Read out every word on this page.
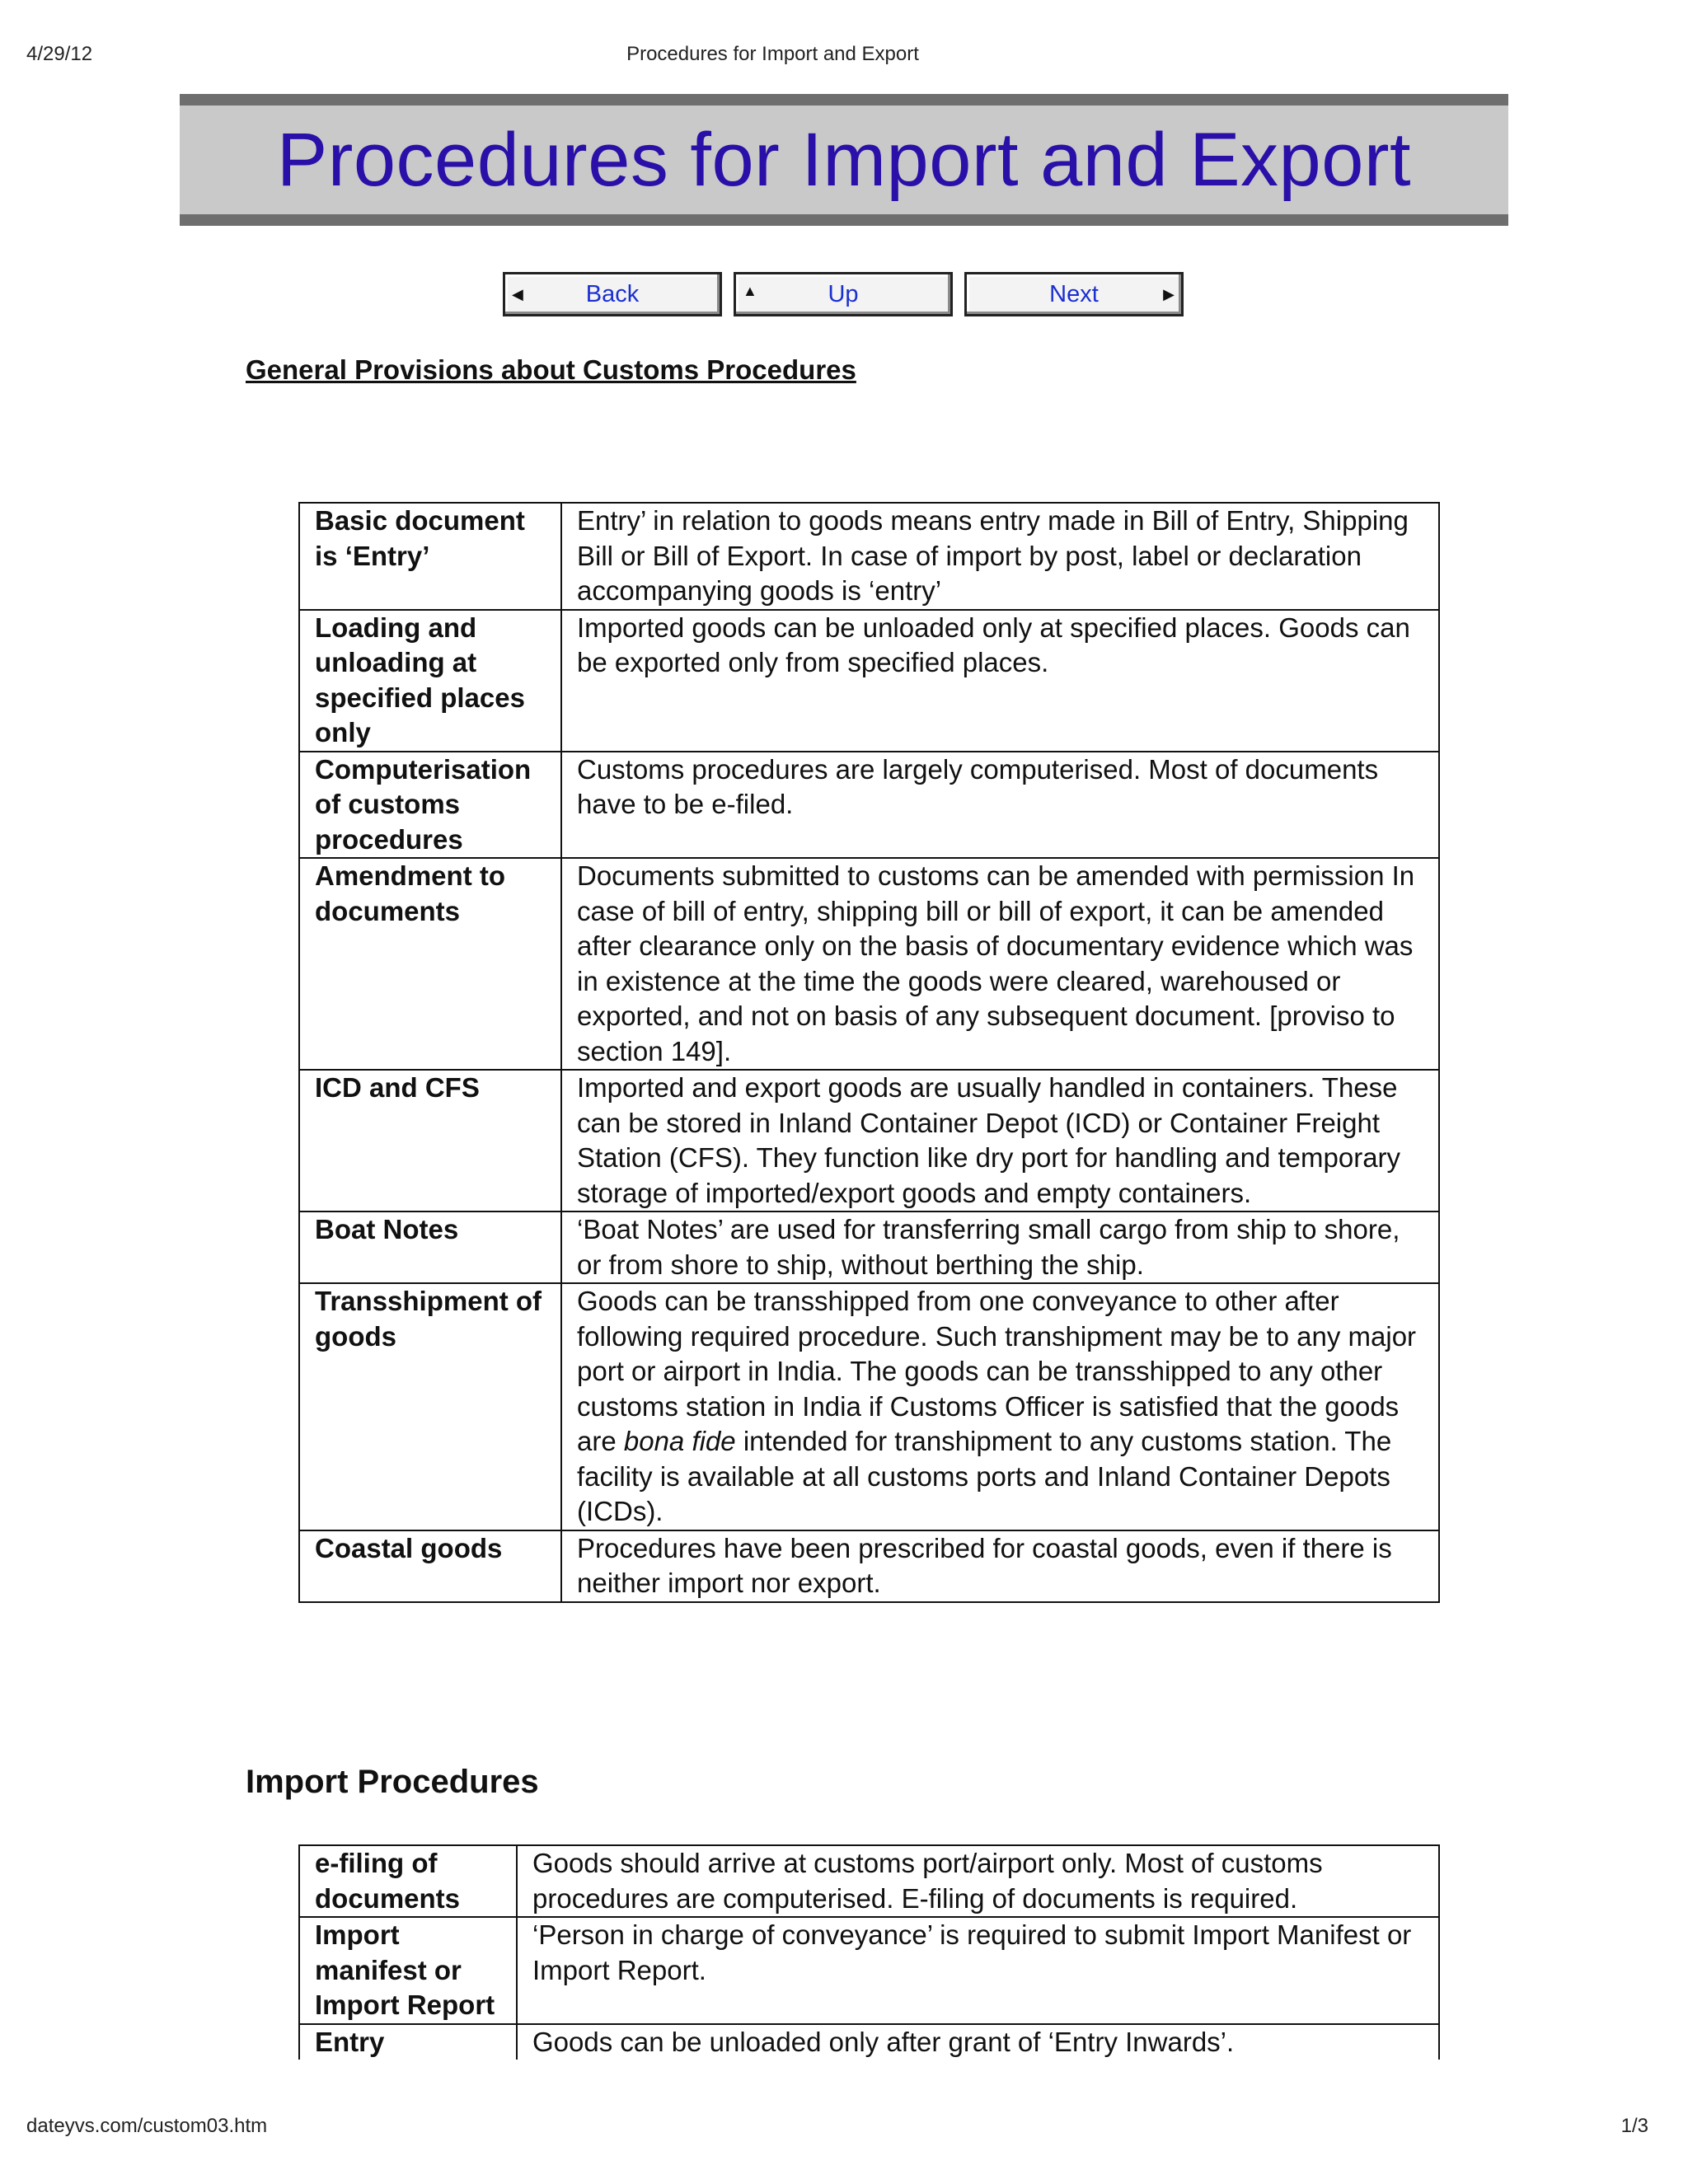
4/29/12	Procedures for Import and Export
Procedures for Import and Export
◀	Back	▲	Up	Next	▶
General Provisions about Customs Procedures
Basic document is ‘Entry’	Entry’ in relation to goods means entry made in Bill of Entry, Shipping Bill or Bill of Export. In case of import by post, label or declaration accompanying goods is ‘entry’
Loading and unloading at specified places only	Imported goods can be unloaded only at specified places. Goods can be exported only from specified places.
Computerisation of customs procedures	Customs procedures are largely computerised. Most of documents have to be e-filed.
Amendment to documents	Documents submitted to customs can be amended with permission In case of bill of entry, shipping bill or bill of export, it can be amended after clearance only on the basis of documentary evidence which was in existence at the time the goods were cleared, warehoused or exported, and not on basis of any subsequent document. [proviso to section 149].
ICD and CFS	Imported and export goods are usually handled in containers. These can be stored in Inland Container Depot (ICD) or Container Freight Station (CFS). They function like dry port for handling and temporary storage of imported/export goods and empty containers.
Boat Notes	‘Boat Notes’ are used for transferring small cargo from ship to shore, or from shore to ship, without berthing the ship.
Transshipment of goods	Goods can be transshipped from one conveyance to other after following required procedure. Such transhipment may be to any major port or airport in India. The goods can be transshipped to any other customs station in India if Customs Officer is satisfied that the goods are bona fide intended for transhipment to any customs station. The facility is available at all customs ports and Inland Container Depots (ICDs).
Coastal goods	Procedures have been prescribed for coastal goods, even if there is neither import nor export.
Import Procedures
e-filing of documents	Goods should arrive at customs port/airport only. Most of customs procedures are computerised. E-filing of documents is required.
Import manifest or Import Report	‘Person in charge of conveyance’ is required to submit Import Manifest or Import Report.
Entry	Goods can be unloaded only after grant of ‘Entry Inwards’.
dateyvs.com/custom03.htm	1/3
